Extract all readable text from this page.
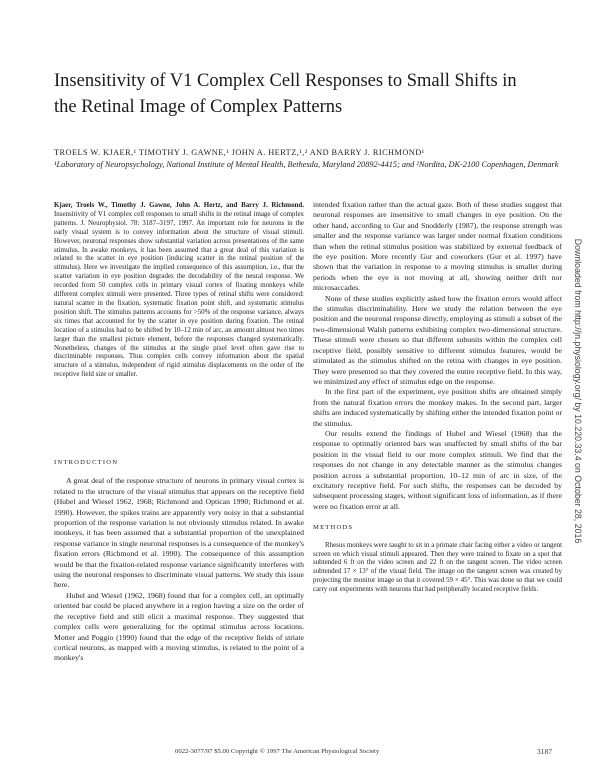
Insensitivity of V1 Complex Cell Responses to Small Shifts in the Retinal Image of Complex Patterns
TROELS W. KJAER,¹ TIMOTHY J. GAWNE,¹ JOHN A. HERTZ,¹,² AND BARRY J. RICHMOND¹
¹Laboratory of Neuropsychology, National Institute of Mental Health, Bethesda, Maryland 20892-4415; and ²Nordita, DK-2100 Copenhagen, Denmark
Kjaer, Troels W., Timothy J. Gawne, John A. Hertz, and Barry J. Richmond. Insensitivity of V1 complex cell responses to small shifts in the retinal image of complex patterns. J. Neurophysiol. 78: 3187–3197, 1997. An important role for neurons in the early visual system is to convey information about the structure of visual stimuli. However, neuronal responses show substantial variation across presentations of the same stimulus. In awake monkeys, it has been assumed that a great deal of this variation is related to the scatter in eye position (inducing scatter in the retinal position of the stimulus). Here we investigate the implied consequence of this assumption, i.e., that the scatter variation in eye position degrades the decodability of the neural response. We recorded from 50 complex cells in primary visual cortex of fixating monkeys while different complex stimuli were presented. Three types of retinal shifts were considered: natural scatter in the fixation, systematic fixation point shift, and systematic stimulus position shift. The stimulus patterns accounts for >50% of the response variance, always six times that accounted for by the scatter in eye position during fixation. The retinal location of a stimulus had to be shifted by 10–12 min of arc, an amount almost two times larger than the smallest picture element, before the responses changed systematically. Nonetheless, changes of the stimulus at the single pixel level often gave rise to discriminable responses. Thus complex cells convey information about the spatial structure of a stimulus, independent of rigid stimulus displacements on the order of the receptive field size or smaller.

INTRODUCTION

A great deal of the response structure of neurons in primary visual cortex is related to the structure of the visual stimulus that appears on the receptive field (Hubel and Wiesel 1962, 1968; Richmond and Optican 1990; Richmond et al. 1990). However, the spikes trains are apparently very noisy in that a substantial proportion of the response variation is not obviously stimulus related. In awake monkeys, it has been assumed that a substantial proportion of the unexplained response variance in single neuronal responses is a consequence of the monkey's fixation errors (Richmond et al. 1990). The consequence of this assumption would be that the fixation-related response variance significantly interferes with using the neuronal responses to discriminate visual patterns. We study this issue here.

Hubel and Wiesel (1962, 1968) found that for a complex cell, an optimally oriented bar could be placed anywhere in a region having a size on the order of the receptive field and still elicit a maximal response. They suggested that complex cells were generalizing for the optimal stimulus across locations. Motter and Poggio (1990) found that the edge of the receptive fields of striate cortical neurons, as mapped with a moving stimulus, is related to the point of a monkey's

intended fixation rather than the actual gaze. Both of these studies suggest that neuronal responses are insensitive to small changes in eye position. On the other hand, according to Gur and Snodderly (1987), the response strength was smaller and the response variance was larger under normal fixation conditions than when the retinal stimulus position was stabilized by external feedback of the eye position. More recently Gur and coworkers (Gur et al. 1997) have shown that the variation in response to a moving stimulus is smaller during periods when the eye is not moving at all, showing neither drift nor microsaccades.

None of these studies explicitly asked how the fixation errors would affect the stimulus discriminability. Here we study the relation between the eye position and the neuronal response directly, employing as stimuli a subset of the two-dimensional Walsh patterns exhibiting complex two-dimensional structure. These stimuli were chosen so that different subunits within the complex cell receptive field, possibly sensitive to different stimulus features, would be stimulated as the stimulus shifted on the retina with changes in eye position. They were presented so that they covered the entire receptive field. In this way, we minimized any effect of stimulus edge on the response.

In the first part of the experiment, eye position shifts are obtained simply from the natural fixation errors the monkey makes. In the second part, larger shifts are induced systematically by shifting either the intended fixation point or the stimulus.

Our results extend the findings of Hubel and Wiesel (1968) that the response to optimally oriented bars was unaffected by small shifts of the bar position in the visual field to our more complex stimuli. We find that the responses do not change in any detectable manner as the stimulus changes position across a substantial proportion, 10–12 min of arc in size, of the excitatory receptive field. For such shifts, the responses can be decoded by subsequent processing stages, without significant loss of information, as if there were no fixation error at all.

METHODS

Rhesus monkeys were taught to sit in a primate chair facing either a video or tangent screen on which visual stimuli appeared. Then they were trained to fixate on a spot that subtended 6 ft on the video screen and 22 ft on the tangent screen. The video screen subtended 17 × 13° of the visual field. The image on the tangent screen was created by projecting the monitor image so that it covered 59 × 45°. This was done so that we could carry out experiments with neurons that had peripherally located receptive fields.

Downloaded from http://jn.physiology.org/ by 10.220.33.4 on October 28, 2016
0022-3077/97 $5.00 Copyright © 1997 The American Physiological Society	3187
